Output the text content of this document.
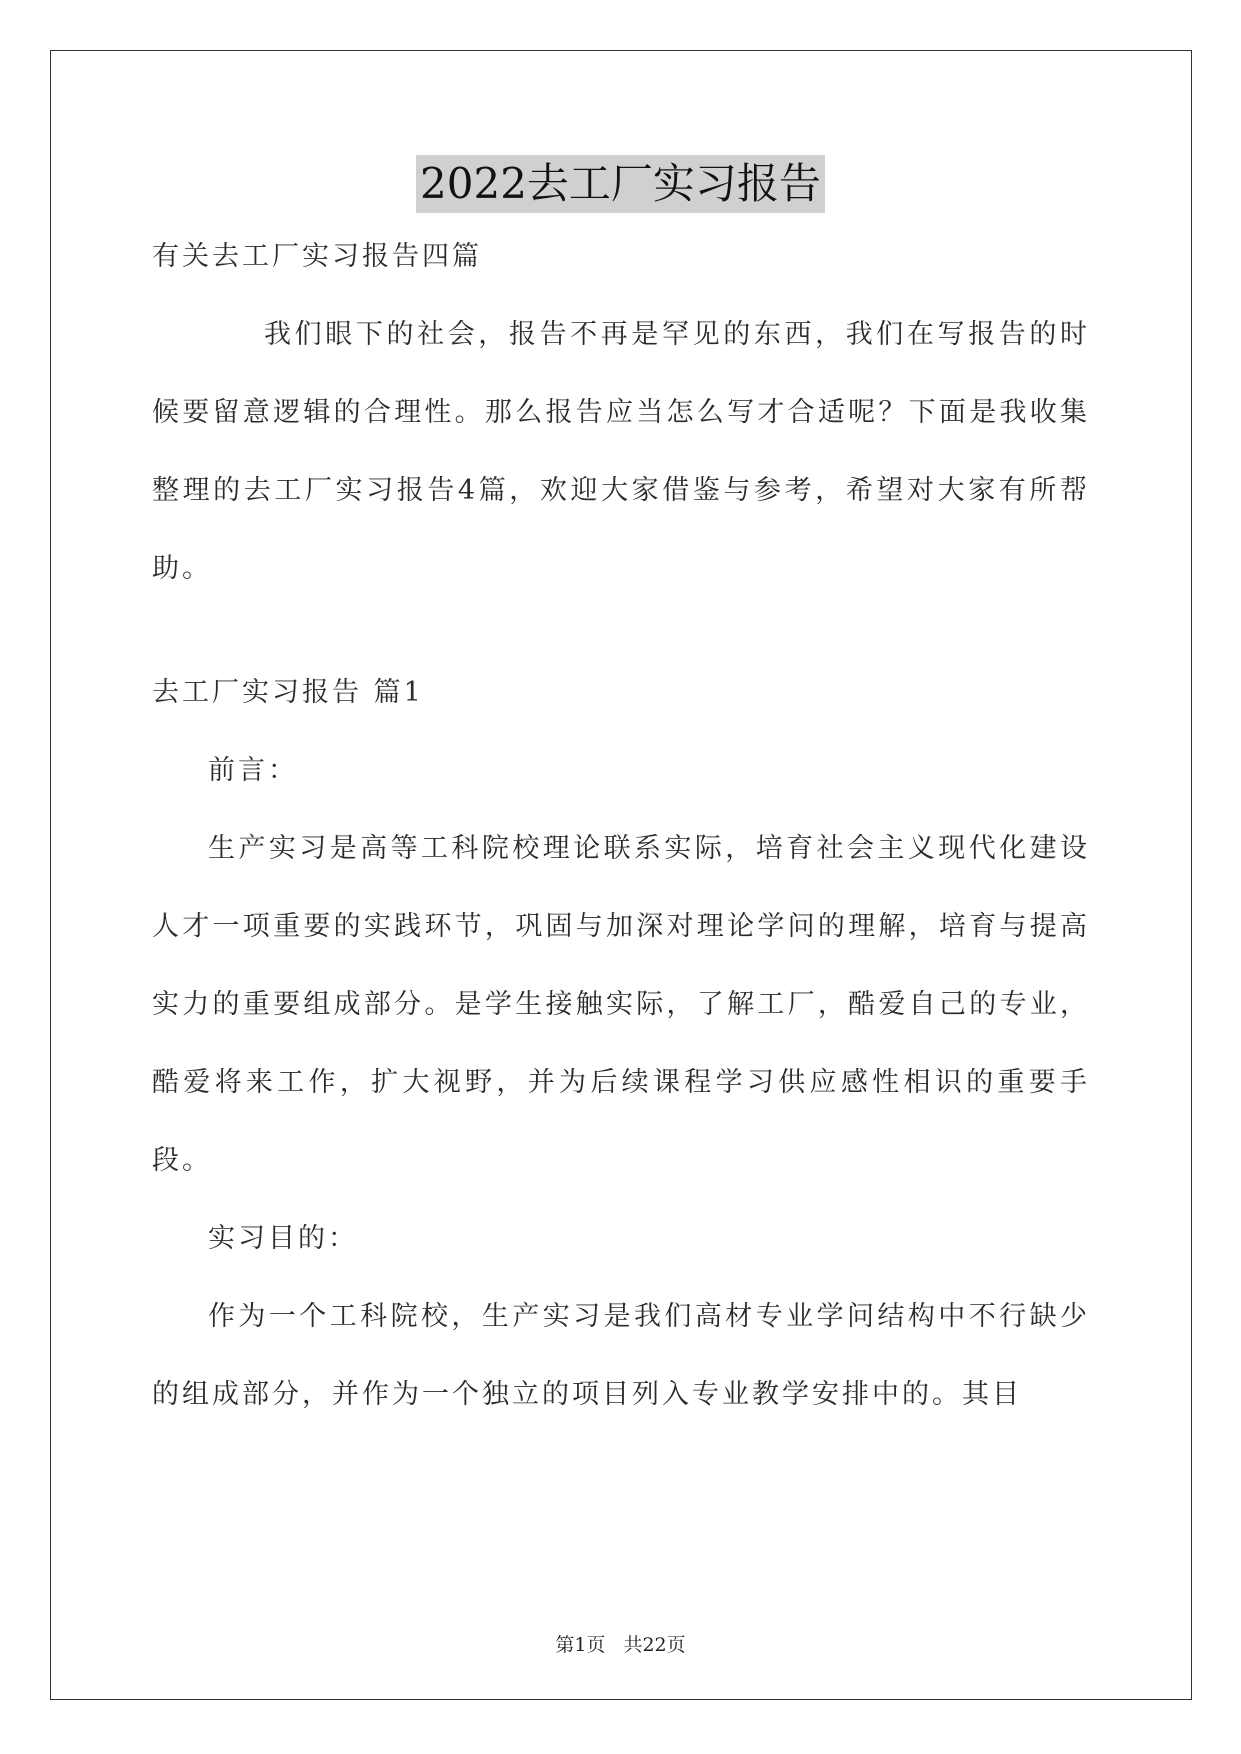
2022去工厂实习报告

有关去工厂实习报告四篇

我们眼下的社会，报告不再是罕见的东西，我们在写报告的时候要留意逻辑的合理性。那么报告应当怎么写才合适呢？下面是我收集整理的去工厂实习报告4篇，欢迎大家借鉴与参考，希望对大家有所帮助。

去工厂实习报告 篇1

前言：

生产实习是高等工科院校理论联系实际，培育社会主义现代化建设人才一项重要的实践环节，巩固与加深对理论学问的理解，培育与提高实力的重要组成部分。是学生接触实际，了解工厂，酷爱自己的专业，酷爱将来工作，扩大视野，并为后续课程学习供应感性相识的重要手段。

实习目的：

作为一个工科院校，生产实习是我们高材专业学问结构中不行缺少的组成部分，并作为一个独立的项目列入专业教学安排中的。其目

第1页 共22页
